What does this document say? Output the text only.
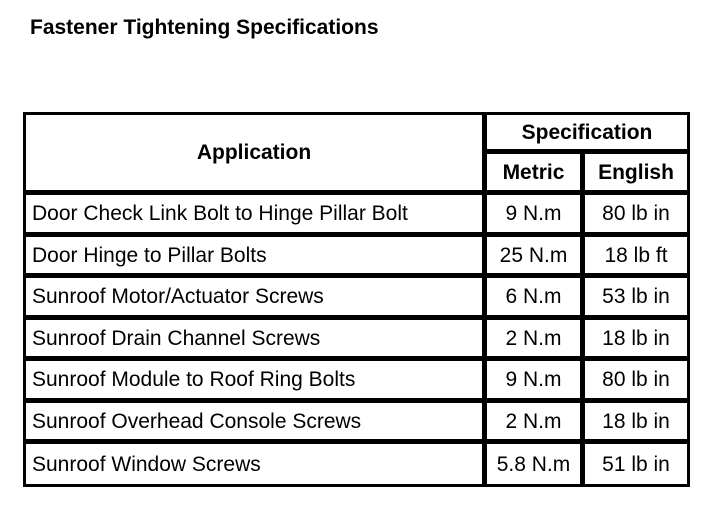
Fastener Tightening Specifications
Application	Specification	
	Metric	English
Door Check Link Bolt to Hinge Pillar Bolt	9 N.m	80 lb in
Door Hinge to Pillar Bolts	25 N.m	18 lb ft
Sunroof Motor/Actuator Screws	6 N.m	53 lb in
Sunroof Drain Channel Screws	2 N.m	18 lb in
Sunroof Module to Roof Ring Bolts	9 N.m	80 lb in
Sunroof Overhead Console Screws	2 N.m	18 lb in
Sunroof Window Screws	5.8 N.m	51 lb in
